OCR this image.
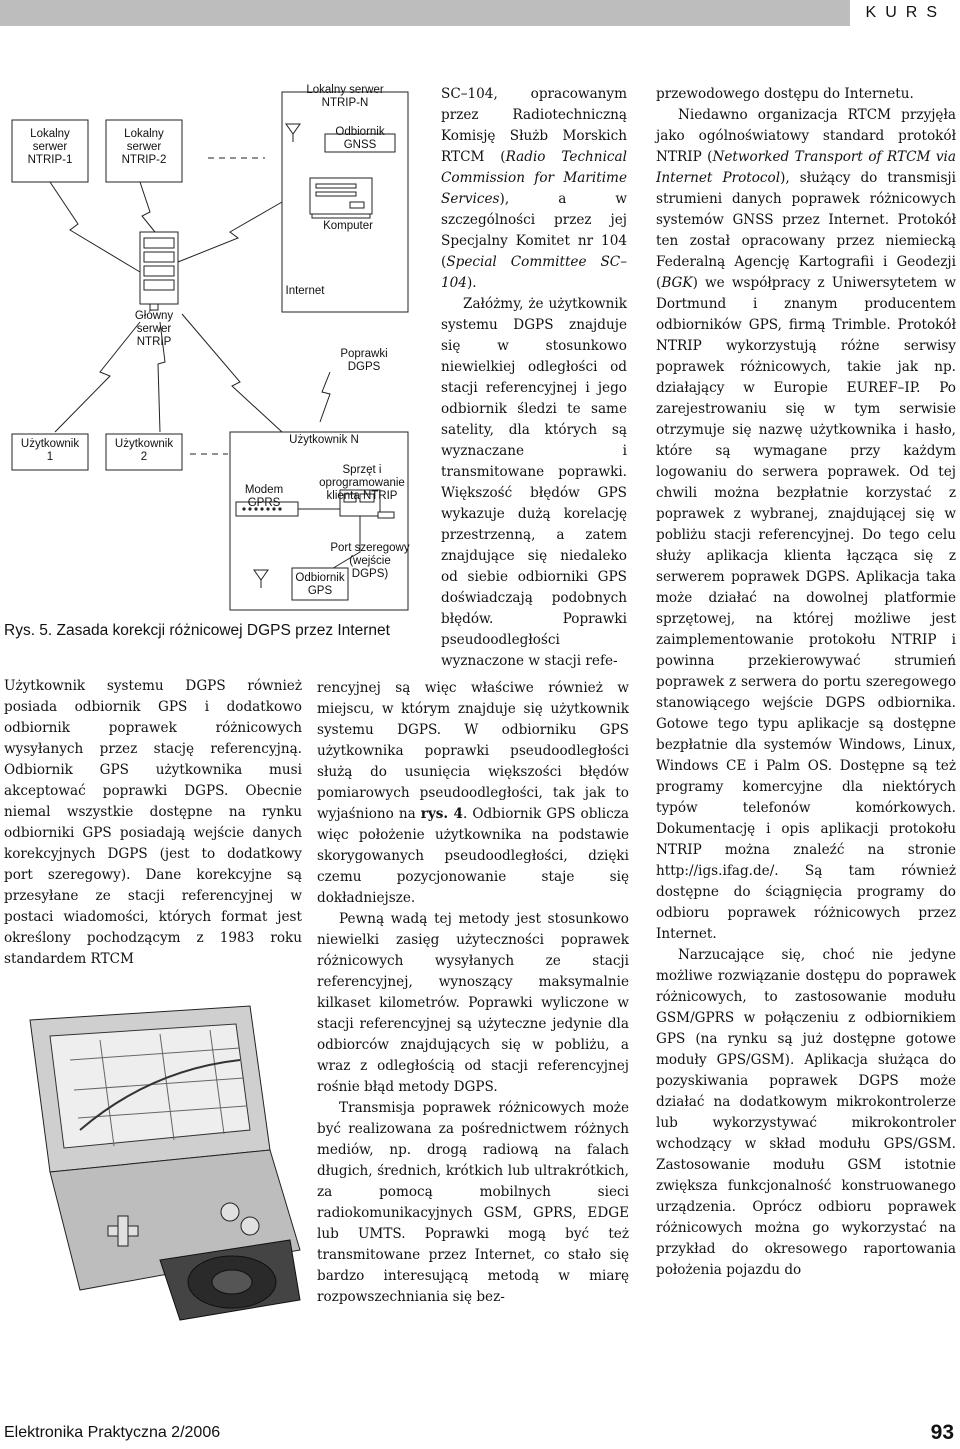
KURS
Lokalny
serwer
NTRIP-1
Lokalny
serwer
NTRIP-2
Lokalny serwer
NTRIP-N
Odbiornik
GNSS
Komputer
Internet
Główny
serwer
NTRIP
Poprawki
DGPS
Użytkownik
1
Użytkownik
2
Użytkownik N
Sprzęt i oprogramowanie
klienta NTRIP
Modem GPRS
Port szeregowy
(wejście DGPS)
Odbiornik
GPS
Rys. 5. Zasada korekcji różnicowej DGPS przez Internet

Użytkownik systemu DGPS również posiada odbiornik GPS i dodatkowo odbiornik poprawek różnicowych wysyłanych przez stację referencyjną. Odbiornik GPS użytkownika musi akceptować poprawki DGPS. Obecnie niemal wszystkie dostępne na rynku odbiorniki GPS posiadają wejście danych korekcyjnych DGPS (jest to dodatkowy port szeregowy). Dane korekcyjne są przesyłane ze stacji referencyjnej w postaci wiadomości, których format jest określony pochodzącym z 1983 roku standardem RTCM

SC–104, opracowanym przez Radiotechniczną Komisję Służb Morskich RTCM (Radio Technical Commission for Maritime Services), a w szczególności przez jej Specjalny Komitet nr 104 (Special Committee SC–104).

Załóżmy, że użytkownik systemu DGPS znajduje się w stosunkowo niewielkiej odległości od stacji referencyjnej i jego odbiornik śledzi te same satelity, dla których są wyznaczane i transmitowane poprawki. Większość błędów GPS wykazuje dużą korelację przestrzenną, a zatem znajdujące się niedaleko od siebie odbiorniki GPS doświadczają podobnych błędów. Poprawki pseudoodległości wyznaczone w stacji refe-

rencyjnej są więc właściwe również w miejscu, w którym znajduje się użytkownik systemu DGPS. W odbiorniku GPS użytkownika poprawki pseudoodległości służą do usunięcia większości błędów pomiarowych pseudoodległości, tak jak to wyjaśniono na rys. 4. Odbiornik GPS oblicza więc położenie użytkownika na podstawie skorygowanych pseudoodległości, dzięki czemu pozycjonowanie staje się dokładniejsze.

Pewną wadą tej metody jest stosunkowo niewielki zasięg użyteczności poprawek różnicowych wysyłanych ze stacji referencyjnej, wynoszący maksymalnie kilkaset kilometrów. Poprawki wyliczone w stacji referencyjnej są użyteczne jedynie dla odbiorców znajdujących się w pobliżu, a wraz z odległością od stacji referencyjnej rośnie błąd metody DGPS.

Transmisja poprawek różnicowych może być realizowana za pośrednictwem różnych mediów, np. drogą radiową na falach długich, średnich, krótkich lub ultrakrótkich, za pomocą mobilnych sieci radiokomunikacyjnych GSM, GPRS, EDGE lub UMTS. Poprawki mogą być też transmitowane przez Internet, co stało się bardzo interesującą metodą w miarę rozpowszechniania się bez-

przewodowego dostępu do Internetu.

Niedawno organizacja RTCM przyjęła jako ogólnoświatowy standard protokół NTRIP (Networked Transport of RTCM via Internet Protocol), służący do transmisji strumieni danych poprawek różnicowych systemów GNSS przez Internet. Protokół ten został opracowany przez niemiecką Federalną Agencję Kartografii i Geodezji (BGK) we współpracy z Uniwersytetem w Dortmund i znanym producentem odbiorników GPS, firmą Trimble. Protokół NTRIP wykorzystują różne serwisy poprawek różnicowych, takie jak np. działający w Europie EUREF–IP. Po zarejestrowaniu się w tym serwisie otrzymuje się nazwę użytkownika i hasło, które są wymagane przy każdym logowaniu do serwera poprawek. Od tej chwili można bezpłatnie korzystać z poprawek z wybranej, znajdującej się w pobliżu stacji referencyjnej. Do tego celu służy aplikacja klienta łącząca się z serwerem poprawek DGPS. Aplikacja taka może działać na dowolnej platformie sprzętowej, na której możliwe jest zaimplementowanie protokołu NTRIP i powinna przekierowywać strumień poprawek z serwera do portu szeregowego stanowiącego wejście DGPS odbiornika. Gotowe tego typu aplikacje są dostępne bezpłatnie dla systemów Windows, Linux, Windows CE i Palm OS. Dostępne są też programy komercyjne dla niektórych typów telefonów komórkowych. Dokumentację i opis aplikacji protokołu NTRIP można znaleźć na stronie http://igs.ifag.de/. Są tam również dostępne do ściągnięcia programy do odbioru poprawek różnicowych przez Internet.

Narzucające się, choć nie jedyne możliwe rozwiązanie dostępu do poprawek różnicowych, to zastosowanie modułu GSM/GPRS w połączeniu z odbiornikiem GPS (na rynku są już dostępne gotowe moduły GPS/GSM). Aplikacja służąca do pozyskiwania poprawek DGPS może działać na dodatkowym mikrokontrolerze lub wykorzystywać mikrokontroler wchodzący w skład modułu GPS/GSM. Zastosowanie modułu GSM istotnie zwiększa funkcjonalność konstruowanego urządzenia. Oprócz odbioru poprawek różnicowych można go wykorzystać na przykład do okresowego raportowania położenia pojazdu do

Elektronika Praktyczna 2/2006	93
